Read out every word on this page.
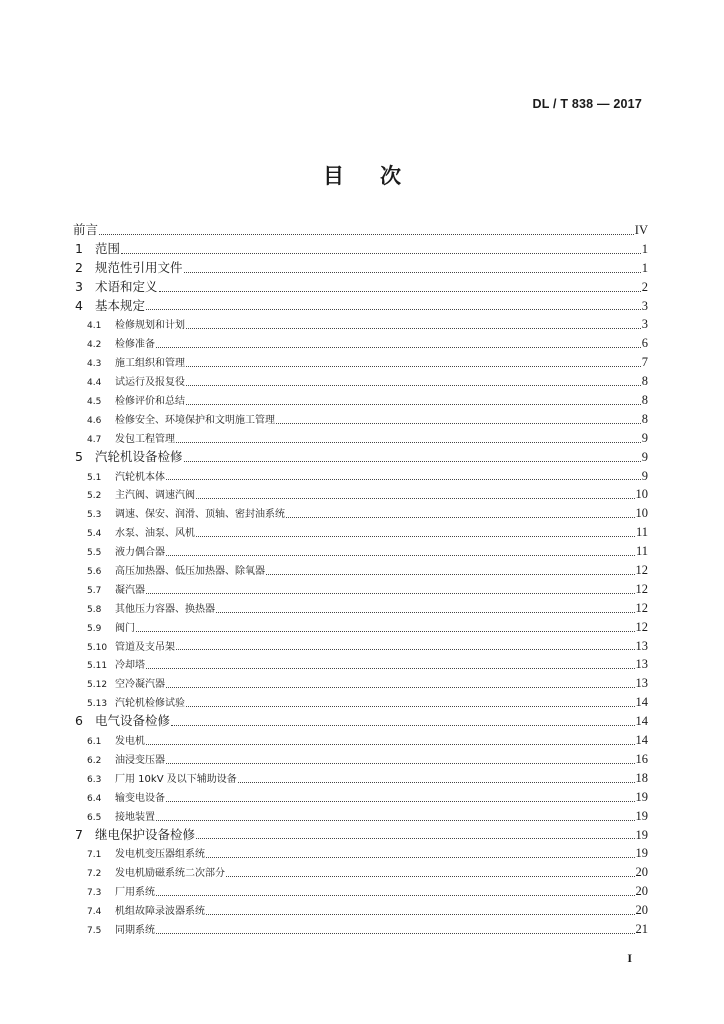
DL / T 838 — 2017
目 次
前言	IV
1 范围	1
2 规范性引用文件	1
3 术语和定义	2
4 基本规定	3
4.1	检修规划和计划	3
4.2	检修准备	6
4.3	施工组织和管理	7
4.4	试运行及报复役	8
4.5	检修评价和总结	8
4.6	检修安全、环境保护和文明施工管理	8
4.7	发包工程管理	9
5 汽轮机设备检修	9
5.1	汽轮机本体	9
5.2	主汽阀、调速汽阀	10
5.3	调速、保安、润滑、顶轴、密封油系统	10
5.4	水泵、油泵、风机	11
5.5	液力偶合器	11
5.6	高压加热器、低压加热器、除氧器	12
5.7	凝汽器	12
5.8	其他压力容器、换热器	12
5.9	阀门	12
5.10 管道及支吊架	13
5.11 冷却塔	13
5.12 空冷凝汽器	13
5.13 汽轮机检修试验	14
6 电气设备检修	14
6.1	发电机	14
6.2	油浸变压器	16
6.3	厂用 10kV 及以下辅助设备	18
6.4	输变电设备	19
6.5	接地装置	19
7 继电保护设备检修	19
7.1	发电机变压器组系统	19
7.2	发电机励磁系统二次部分	20
7.3	厂用系统	20
7.4	机组故障录波器系统	20
7.5	同期系统	21
I
